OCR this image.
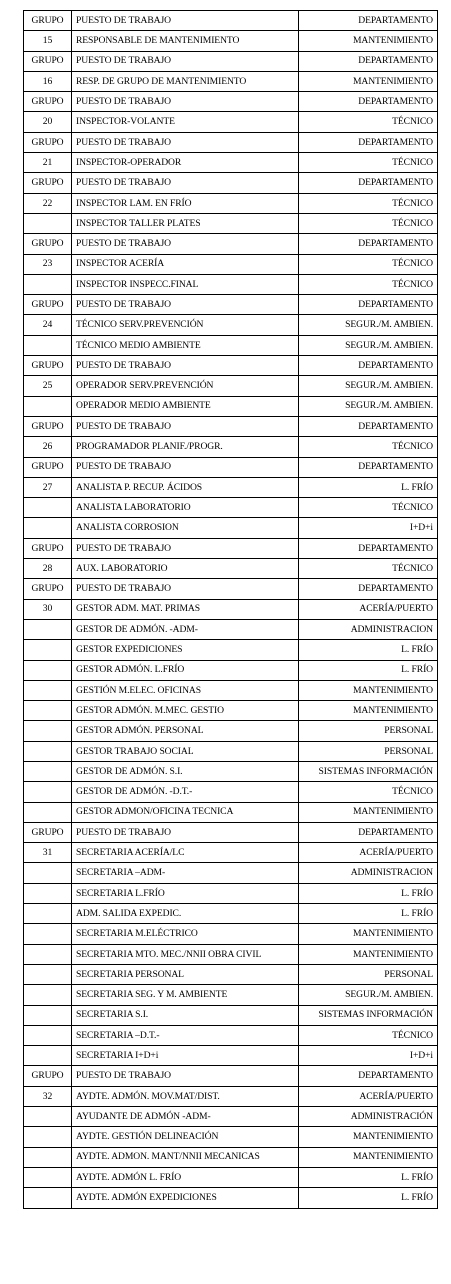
GRUPO	PUESTO DE TRABAJO	DEPARTAMENTO
15	RESPONSABLE DE MANTENIMIENTO	MANTENIMIENTO
GRUPO	PUESTO DE TRABAJO	DEPARTAMENTO
16	RESP. DE GRUPO DE MANTENIMIENTO	MANTENIMIENTO
GRUPO	PUESTO DE TRABAJO	DEPARTAMENTO
20	INSPECTOR-VOLANTE	TÉCNICO
GRUPO	PUESTO DE TRABAJO	DEPARTAMENTO
21	INSPECTOR-OPERADOR	TÉCNICO
GRUPO	PUESTO DE TRABAJO	DEPARTAMENTO
22	INSPECTOR LAM. EN FRÍO	TÉCNICO
	INSPECTOR TALLER PLATES	TÉCNICO
GRUPO	PUESTO DE TRABAJO	DEPARTAMENTO
23	INSPECTOR ACERÍA	TÉCNICO
	INSPECTOR INSPECC.FINAL	TÉCNICO
GRUPO	PUESTO DE TRABAJO	DEPARTAMENTO
24	TÉCNICO SERV.PREVENCIÓN	SEGUR./M. AMBIEN.
	TÉCNICO MEDIO AMBIENTE	SEGUR./M. AMBIEN.
GRUPO	PUESTO DE TRABAJO	DEPARTAMENTO
25	OPERADOR SERV.PREVENCIÓN	SEGUR./M. AMBIEN.
	OPERADOR MEDIO AMBIENTE	SEGUR./M. AMBIEN.
GRUPO	PUESTO DE TRABAJO	DEPARTAMENTO
26	PROGRAMADOR PLANIF./PROGR.	TÉCNICO
GRUPO	PUESTO DE TRABAJO	DEPARTAMENTO
27	ANALISTA P. RECUP. ÁCIDOS	L. FRÍO
	ANALISTA LABORATORIO	TÉCNICO
	ANALISTA CORROSION	I+D+i
GRUPO	PUESTO DE TRABAJO	DEPARTAMENTO
28	AUX. LABORATORIO	TÉCNICO
GRUPO	PUESTO DE TRABAJO	DEPARTAMENTO
30	GESTOR ADM. MAT. PRIMAS	ACERÍA/PUERTO
	GESTOR DE ADMÓN. -ADM-	ADMINISTRACION
	GESTOR EXPEDICIONES	L. FRÍO
	GESTOR ADMÓN. L.FRÍO	L. FRÍO
	GESTIÓN M.ELEC. OFICINAS	MANTENIMIENTO
	GESTOR ADMÓN. M.MEC. GESTIO	MANTENIMIENTO
	GESTOR ADMÓN. PERSONAL	PERSONAL
	GESTOR TRABAJO SOCIAL	PERSONAL
	GESTOR DE ADMÓN. S.I.	SISTEMAS INFORMACIÓN
	GESTOR DE ADMÓN. -D.T.-	TÉCNICO
	GESTOR ADMON/OFICINA TECNICA	MANTENIMIENTO
GRUPO	PUESTO DE TRABAJO	DEPARTAMENTO
31	SECRETARIA ACERÍA/LC	ACERÍA/PUERTO
	SECRETARIA –ADM-	ADMINISTRACION
	SECRETARIA L.FRÍO	L. FRÍO
	ADM. SALIDA EXPEDIC.	L. FRÍO
	SECRETARIA M.ELÉCTRICO	MANTENIMIENTO
	SECRETARIA MTO. MEC./NNII OBRA CIVIL	MANTENIMIENTO
	SECRETARIA PERSONAL	PERSONAL
	SECRETARIA SEG. Y M. AMBIENTE	SEGUR./M. AMBIEN.
	SECRETARIA S.I.	SISTEMAS INFORMACIÓN
	SECRETARIA –D.T.-	TÉCNICO
	SECRETARIA I+D+i	I+D+i
GRUPO	PUESTO DE TRABAJO	DEPARTAMENTO
32	AYDTE. ADMÓN. MOV.MAT/DIST.	ACERÍA/PUERTO
	AYUDANTE DE ADMÓN -ADM-	ADMINISTRACIÓN
	AYDTE. GESTIÓN DELINEACIÓN	MANTENIMIENTO
	AYDTE. ADMON. MANT/NNII MECANICAS	MANTENIMIENTO
	AYDTE. ADMÓN L. FRÍO	L. FRÍO
	AYDTE. ADMÓN EXPEDICIONES	L. FRÍO
